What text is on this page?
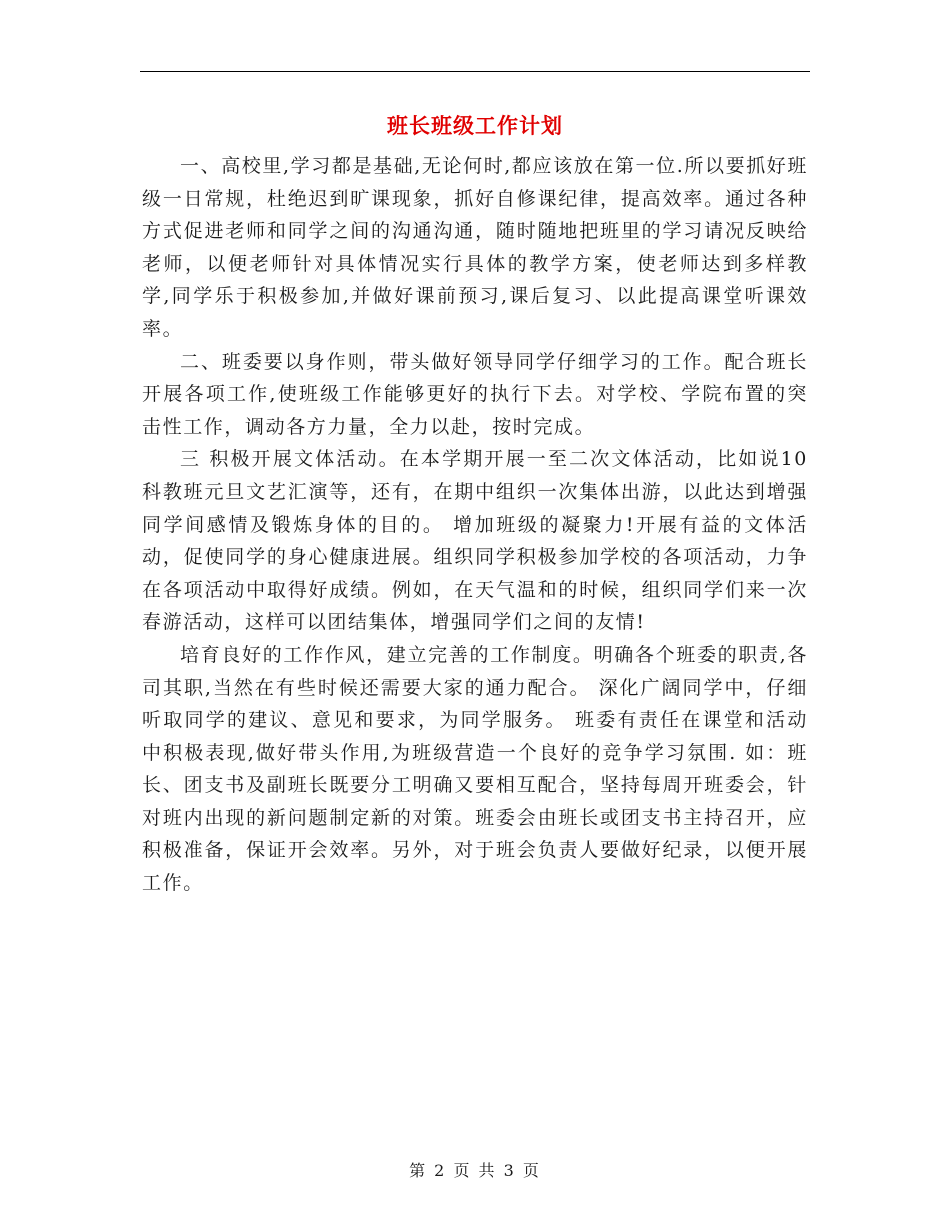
班长班级工作计划

一、高校里,学习都是基础,无论何时,都应该放在第一位.所以要抓好班级一日常规，杜绝迟到旷课现象，抓好自修课纪律，提高效率。通过各种方式促进老师和同学之间的沟通沟通，随时随地把班里的学习请况反映给老师，以便老师针对具体情况实行具体的教学方案，使老师达到多样教学,同学乐于积极参加,并做好课前预习,课后复习、以此提高课堂听课效率。

二、班委要以身作则，带头做好领导同学仔细学习的工作。配合班长开展各项工作,使班级工作能够更好的执行下去。对学校、学院布置的突击性工作，调动各方力量，全力以赴，按时完成。

三 积极开展文体活动。在本学期开展一至二次文体活动，比如说10科教班元旦文艺汇演等，还有，在期中组织一次集体出游，以此达到增强同学间感情及锻炼身体的目的。 增加班级的凝聚力!开展有益的文体活动，促使同学的身心健康进展。组织同学积极参加学校的各项活动，力争在各项活动中取得好成绩。例如，在天气温和的时候，组织同学们来一次春游活动，这样可以团结集体，增强同学们之间的友情!

培育良好的工作作风，建立完善的工作制度。明确各个班委的职责,各司其职,当然在有些时候还需要大家的通力配合。 深化广阔同学中，仔细听取同学的建议、意见和要求，为同学服务。 班委有责任在课堂和活动中积极表现,做好带头作用,为班级营造一个良好的竞争学习氛围. 如：班长、团支书及副班长既要分工明确又要相互配合，坚持每周开班委会，针对班内出现的新问题制定新的对策。班委会由班长或团支书主持召开，应积极准备，保证开会效率。另外，对于班会负责人要做好纪录，以便开展工作。

第 2 页 共 3 页
